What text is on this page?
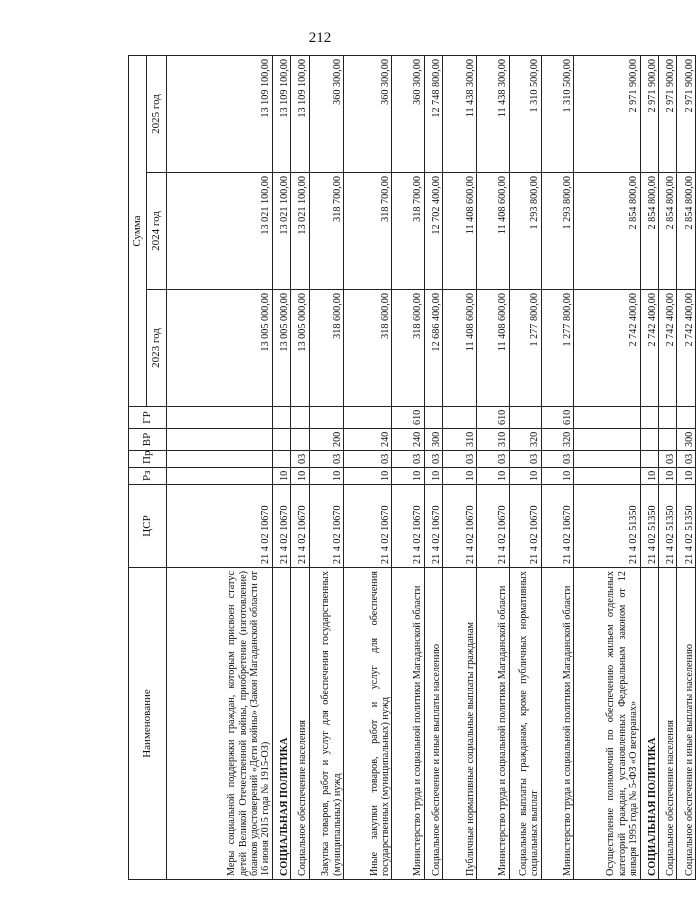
212
Наименование	ЦСР	Рз	Пр	ВР	ГР	Сумма		
						2023 год	2024 год	2025 год
Меры социальной поддержки граждан, которым присвоен статус детей Великой Отечественной войны, приобретение (изготовление) бланков удостоверений «Дети войны» (Закон Магаданской области от 16 июня 2015 года № 1915-ОЗ)	21 4 02 10670					13 005 000,00	13 021 100,00	13 109 100,00
СОЦИАЛЬНАЯ ПОЛИТИКА	21 4 02 10670	10				13 005 000,00	13 021 100,00	13 109 100,00
Социальное обеспечение населения	21 4 02 10670	10	03			13 005 000,00	13 021 100,00	13 109 100,00
Закупка товаров, работ и услуг для обеспечения государственных (муниципальных) нужд	21 4 02 10670	10	03	200		318 600,00	318 700,00	360 300,00
Иные закупки товаров, работ и услуг для обеспечения государственных (муниципальных) нужд	21 4 02 10670	10	03	240		318 600,00	318 700,00	360 300,00
Министерство труда и социальной политики Магаданской области	21 4 02 10670	10	03	240	610	318 600,00	318 700,00	360 300,00
Социальное обеспечение и иные выплаты населению	21 4 02 10670	10	03	300		12 686 400,00	12 702 400,00	12 748 800,00
Публичные нормативные социальные выплаты гражданам	21 4 02 10670	10	03	310		11 408 600,00	11 408 600,00	11 438 300,00
Министерство труда и социальной политики Магаданской области	21 4 02 10670	10	03	310	610	11 408 600,00	11 408 600,00	11 438 300,00
Социальные выплаты гражданам, кроме публичных нормативных социальных выплат	21 4 02 10670	10	03	320		1 277 800,00	1 293 800,00	1 310 500,00
Министерство труда и социальной политики Магаданской области	21 4 02 10670	10	03	320	610	1 277 800,00	1 293 800,00	1 310 500,00
Осуществление полномочий по обеспечению жильем отдельных категорий граждан, установленных Федеральным законом от 12 января 1995 года № 5-ФЗ «О ветеранах»	21 4 02 51350					2 742 400,00	2 854 800,00	2 971 900,00
СОЦИАЛЬНАЯ ПОЛИТИКА	21 4 02 51350	10				2 742 400,00	2 854 800,00	2 971 900,00
Социальное обеспечение населения	21 4 02 51350	10	03			2 742 400,00	2 854 800,00	2 971 900,00
Социальное обеспечение и иные выплаты населению	21 4 02 51350	10	03	300		2 742 400,00	2 854 800,00	2 971 900,00
